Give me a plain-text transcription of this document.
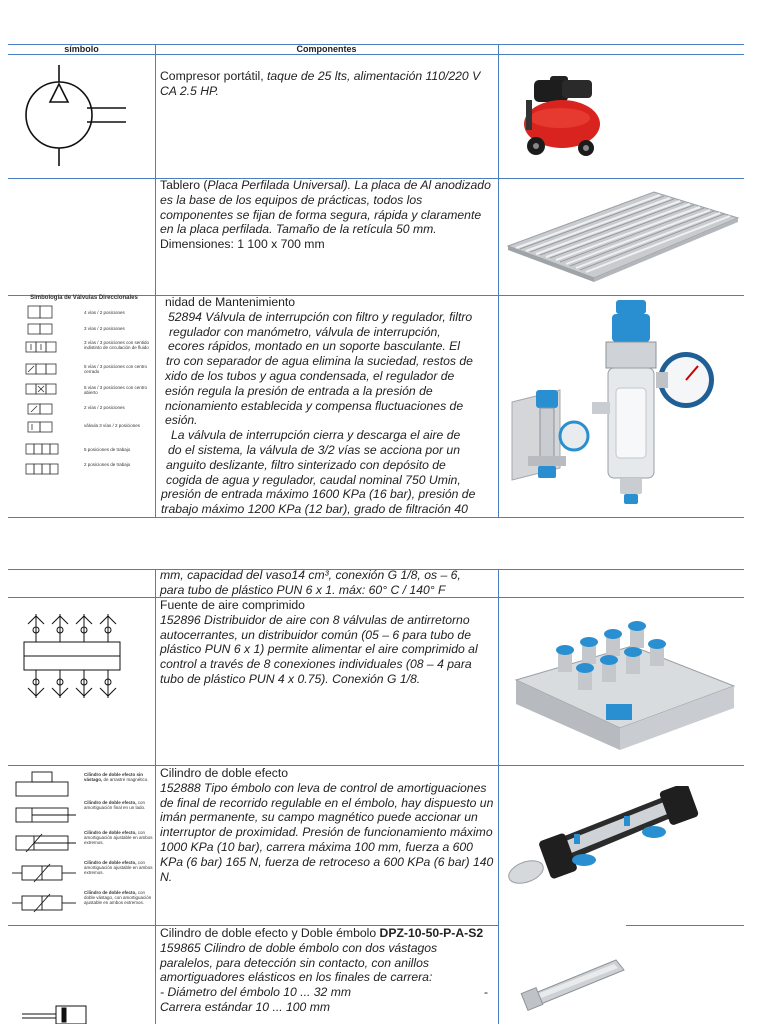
símbolo	Componentes
Compresor portátil, taque de 25 lts, alimentación 110/220 V CA 2.5 HP.
Tablero (Placa Perfilada Universal). La placa de Al anodizado es la base de los equipos de prácticas, todos los componentes se fijan de forma segura, rápida y claramente en la placa perfilada. Tamaño de la retícula 50 mm.Dimensiones: 1 100 x 700 mm
Simbología de Válvulas Direccionales
4 vías / 2 posiciones
3 vías / 2 posiciones
3 vías / 3 posiciones con sentido indistinto de circulación de fluido
5 vías / 3 posiciones con centro cerrado
5 vías / 3 posiciones con centro abierto
2 vías / 2 posiciones
válvula 3 vías / 2 posiciones
5 posiciones de trabajo
2 posiciones de trabajo
nidad de Mantenimiento
52894 Válvula de interrupción con filtro y regulador, filtro
regulador con manómetro, válvula de interrupción,
ecores rápidos, montado en un soporte basculante. El
tro con separador de agua elimina la suciedad, restos de
xido de los tubos y agua condensada, el regulador de
esión regula la presión de entrada a la presión de
ncionamiento establecida y compensa fluctuaciones de
esión.
La válvula de interrupción cierra y descarga el aire de
do el sistema, la válvula de 3/2 vías se acciona por un
anguito deslizante, filtro sinterizado con depósito de
cogida de agua y regulador, caudal nominal 750 Umin,
presión de entrada máximo 1600 KPa (16 bar), presión de
trabajo máximo 1200 KPa (12 bar), grado de filtración 40
mm, capacidad del vaso14 cm³, conexión G 1/8, os – 6,
para tubo de plástico PUN 6 x 1. máx: 60° C / 140° F
Fuente de aire comprimido
152896 Distribuidor de aire con 8 válvulas de antirretorno autocerrantes, un distribuidor común (05 – 6 para tubo de plástico PUN 6 x 1) permite alimentar el aire comprimido al control a través de 8 conexiones individuales (08 – 4 para tubo de plástico PUN 4 x 0.75). Conexión G 1/8.
Cilindro de doble efecto sin vástago, de arrastre magnético.
Cilindro de doble efecto, con amortiguación final en un lado.
Cilindro de doble efecto, con amortiguación ajustable en ambos extremos.
Cilindro de doble efecto, con amortiguación ajustable en ambos extremos.
Cilindro de doble efecto, con doble vástago, con amortiguación ajustable en ambos extremos.
Cilindro de doble efecto
152888 Tipo émbolo con leva de control de amortiguaciones de final de recorrido regulable en el émbolo, hay dispuesto un imán permanente, su campo magnético puede accionar un interruptor de proximidad. Presión de funcionamiento máximo 1000 KPa (10 bar), carrera máxima 100 mm, fuerza a 600 KPa (6 bar) 165 N, fuerza de retroceso a 600 KPa (6 bar) 140 N.
Cilindro de doble efecto y Doble émbolo DPZ-10-50-P-A-S2
159865 Cilindro de doble émbolo con dos vástagos
paralelos, para detección sin contacto, con anillos
amortiguadores elásticos en los finales de carrera:
- Diámetro del émbolo 10 ... 32 mm	-
Carrera estándar 10 ... 100 mm
